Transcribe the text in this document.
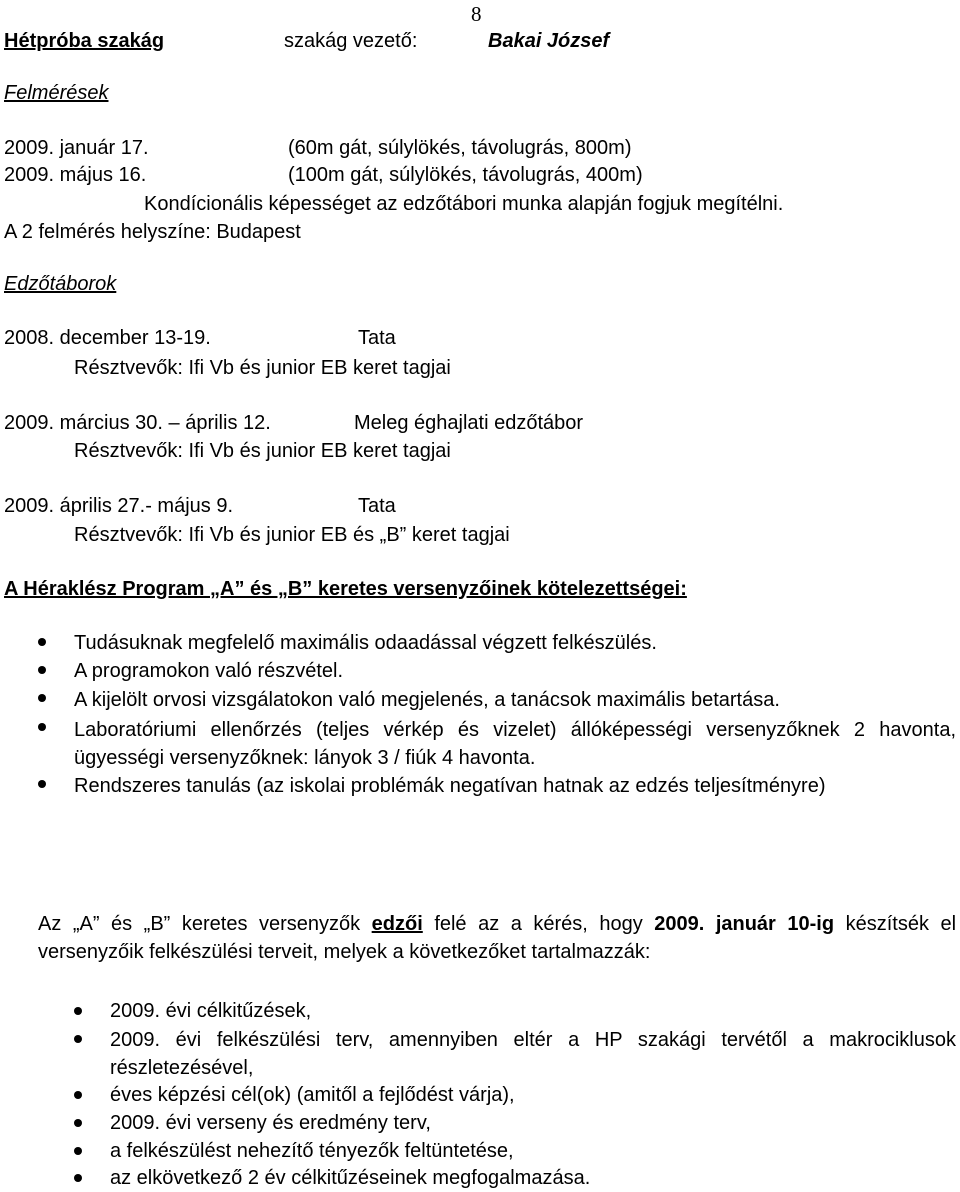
8
Hétpróba szakág	szakág vezető:	Bakai József
Felmérések
2009. január 17.	(60m gát, súlylökés, távolugrás, 800m)
2009. május 16.	(100m gát, súlylökés, távolugrás, 400m)
Kondícionális képességet az edzőtábori munka alapján fogjuk megítélni.
A 2 felmérés helyszíne: Budapest
Edzőtáborok
2008. december 13-19.	Tata
Résztvevők: Ifi Vb és junior EB keret tagjai
2009. március 30. – április 12.	Meleg éghajlati edzőtábor
Résztvevők: Ifi Vb és junior EB keret tagjai
2009. április 27.- május 9.	Tata
Résztvevők: Ifi Vb és junior EB és „B” keret tagjai
A Héraklész Program „A” és „B” keretes versenyzőinek kötelezettségei:
Tudásuknak megfelelő maximális odaadással végzett felkészülés.
A programokon való részvétel.
A kijelölt orvosi vizsgálatokon való megjelenés, a tanácsok maximális betartása.
Laboratóriumi ellenőrzés (teljes vérkép és vizelet) állóképességi versenyzőknek 2 havonta, ügyességi versenyzőknek: lányok 3 / fiúk 4 havonta.
Rendszeres tanulás (az iskolai problémák negatívan hatnak az edzés teljesítményre)
Az „A” és „B” keretes versenyzők edzői felé az a kérés, hogy 2009. január 10-ig készítsék el versenyzőik felkészülési terveit, melyek a következőket tartalmazzák:
2009. évi célkitűzések,
2009. évi felkészülési terv, amennyiben eltér a HP szakági tervétől a makrociklusok részletezésével,
éves képzési cél(ok) (amitől a fejlődést várja),
2009. évi verseny és eredmény terv,
a felkészülést nehezítő tényezők feltüntetése,
az elkövetkező 2 év célkitűzéseinek megfogalmazása.
